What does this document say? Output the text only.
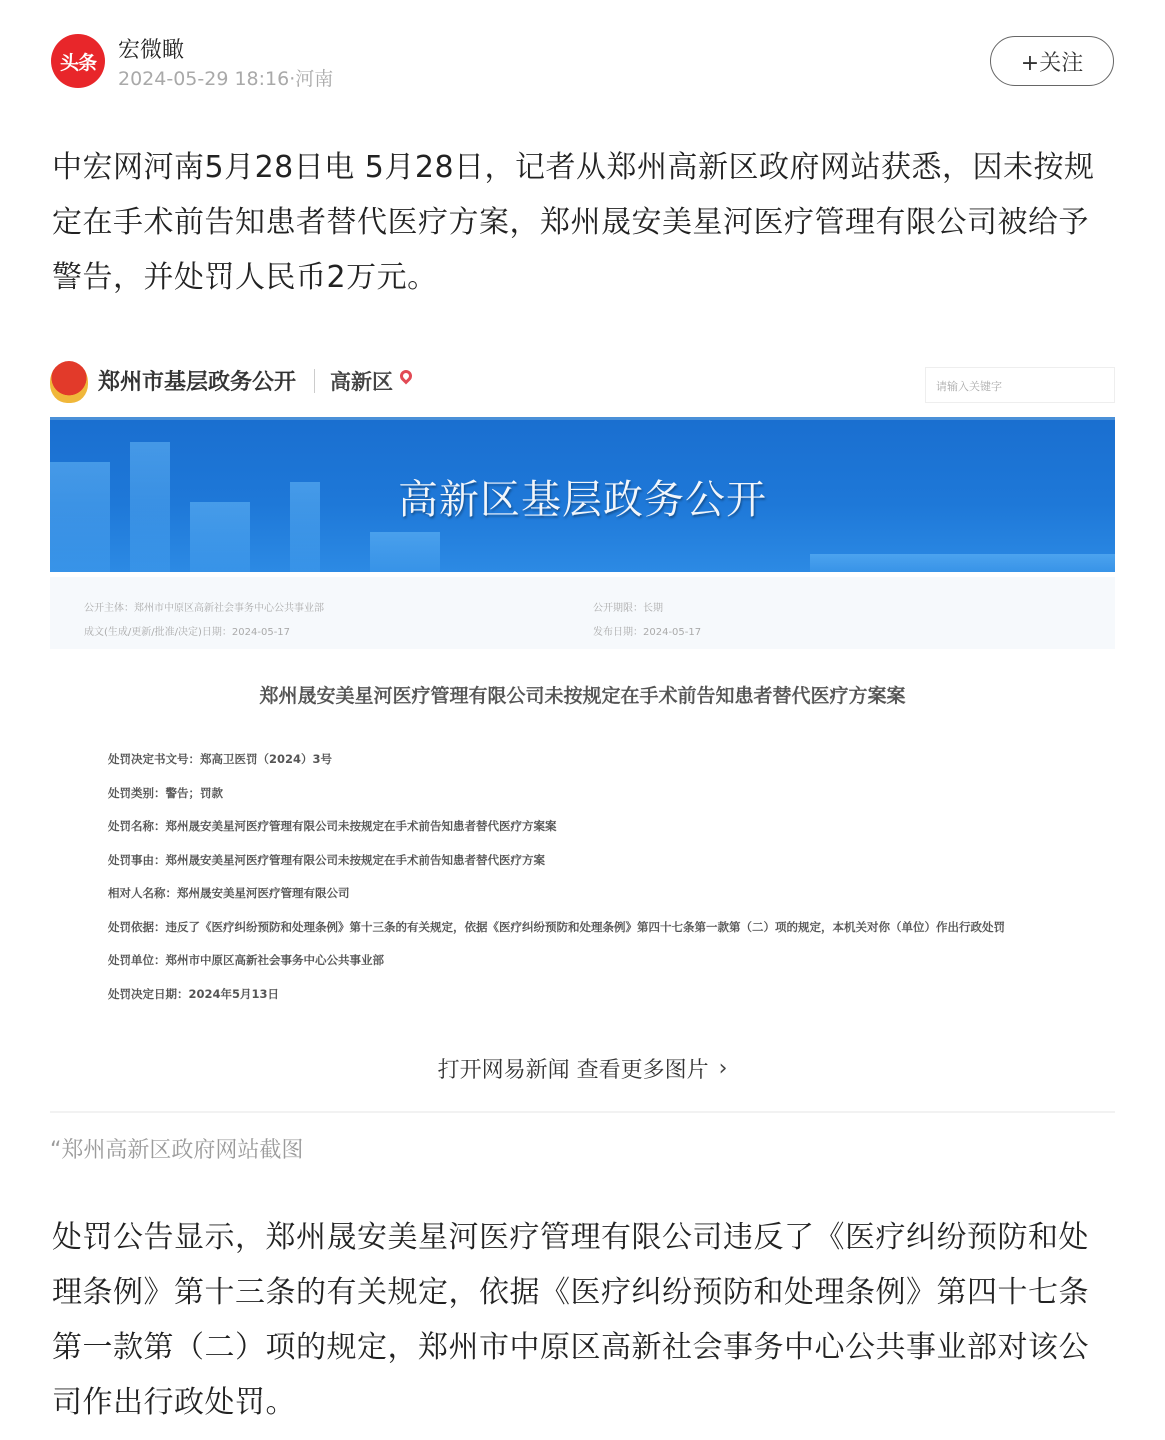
头条	宏微瞰
2024-05-29 18:16·河南
+关注
中宏网河南5月28日电 5月28日，记者从郑州高新区政府网站获悉，因未按规定在手术前告知患者替代医疗方案，郑州晟安美星河医疗管理有限公司被给予警告，并处罚人民币2万元。
郑州市基层政务公开 高新区	请输入关键字
高新区基层政务公开
公开主体：郑州市中原区高新社会事务中心公共事业部
成文(生成/更新/批准/决定)日期：2024-05-17
公开期限：长期
发布日期：2024-05-17
郑州晟安美星河医疗管理有限公司未按规定在手术前告知患者替代医疗方案案
处罚决定书文号：郑高卫医罚（2024）3号
处罚类别：警告；罚款
处罚名称：郑州晟安美星河医疗管理有限公司未按规定在手术前告知患者替代医疗方案案
处罚事由：郑州晟安美星河医疗管理有限公司未按规定在手术前告知患者替代医疗方案
相对人名称：郑州晟安美星河医疗管理有限公司
处罚依据：违反了《医疗纠纷预防和处理条例》第十三条的有关规定，依据《医疗纠纷预防和处理条例》第四十七条第一款第（二）项的规定，本机关对你（单位）作出行政处罚
处罚单位：郑州市中原区高新社会事务中心公共事业部
处罚决定日期：2024年5月13日
打开网易新闻 查看更多图片 ›
“郑州高新区政府网站截图
处罚公告显示，郑州晟安美星河医疗管理有限公司违反了《医疗纠纷预防和处理条例》第十三条的有关规定，依据《医疗纠纷预防和处理条例》第四十七条第一款第（二）项的规定，郑州市中原区高新社会事务中心公共事业部对该公司作出行政处罚。
